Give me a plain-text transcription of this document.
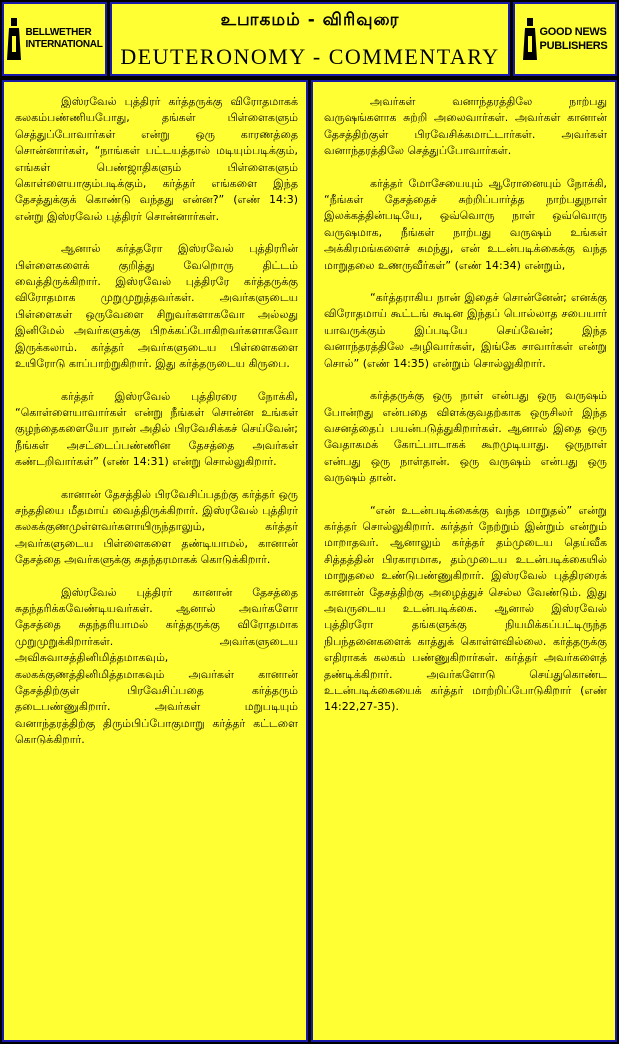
BELLWETHER
INTERNATIONAL
உபாகமம் - விரிவுரை
DEUTERONOMY - COMMENTARY
GOOD NEWS
PUBLISHERS

இஸ்ரவேல் புத்திரர் கர்த்தருக்கு விரோதமாகக் கலகம்பண்ணியபோது, தங்கள் பிள்ளைகளும் செத்துப்போவார்கள் என்று ஒரு காரணத்தை சொன்னார்கள், “நாங்கள் பட்டயத்தால் மடியும்படிக்கும், எங்கள் பெண்ஜாதிகளும் பிள்ளைகளும் கொள்ளையாகும்படிக்கும், கர்த்தர் எங்களை இந்த தேசத்துக்குக் கொண்டு வந்தது என்ன?” (எண் 14:3) என்று இஸ்ரவேல் புத்திரர் சொன்னார்கள்.

ஆனால் கர்த்தரோ இஸ்ரவேல் புத்திரரின் பிள்ளைகளைக் குறித்து வேறொரு திட்டம் வைத்திருக்கிறார். இஸ்ரவேல் புத்திரரே கர்த்தருக்கு விரோதமாக முறுமுறுத்தவர்கள். அவர்களுடைய பிள்ளைகள் ஒருவேளை சிறுவர்களாகவோ அல்லது இனிமேல் அவர்களுக்கு பிறக்கப்போகிறவர்களாகவோ இருக்கலாம். கர்த்தர் அவர்களுடைய பிள்ளைகளை உயிரோடு காப்பாற்றுகிறார். இது கர்த்தருடைய கிருபை.

கர்த்தர் இஸ்ரவேல் புத்திரரை நோக்கி, “கொள்ளையாவார்கள் என்று நீங்கள் சொன்ன உங்கள் குழந்தைகளையோ நான் அதில் பிரவேசிக்கச் செய்வேன்; நீங்கள் அசட்டைப்பண்ணின தேசத்தை அவர்கள் கண்டறிவார்கள்” (எண் 14:31) என்று சொல்லுகிறார்.

கானான் தேசத்தில் பிரவேசிப்பதற்கு கர்த்தர் ஒரு சந்ததியை மீதமாய் வைத்திருக்கிறார். இஸ்ரவேல் புத்திரர் கலகக்குணமுள்ளவர்களாயிருந்தாலும், கர்த்தர் அவர்களுடைய பிள்ளைகளை தண்டியாமல், கானான் தேசத்தை அவர்களுக்கு சுதந்தரமாகக் கொடுக்கிறார்.

இஸ்ரவேல் புத்திரர் கானான் தேசத்தை சுதந்தரிக்கவேண்டியவர்கள். ஆனால் அவர்களோ தேசத்தை சுதந்தரியாமல் கர்த்தருக்கு விரோதமாக முறுமுறுக்கிறார்கள். அவர்களுடைய அவிசுவாசத்தினிமித்தமாகவும், கலகக்குணத்தினிமித்தமாகவும் அவர்கள் கானான் தேசத்திற்குள் பிரவேசிப்பதை கர்த்தரும் தடைபண்ணுகிறார். அவர்கள் மறுபடியும் வனாந்தரத்திற்கு திரும்பிப்போகுமாறு கர்த்தர் கட்டளை கொடுக்கிறார்.

அவர்கள் வனாந்தரத்திலே நாற்பது வருஷங்களாக சுற்றி அலைவார்கள். அவர்கள் கானான் தேசத்திற்குள் பிரவேசிக்கமாட்டார்கள். அவர்கள் வனாந்தரத்திலே செத்துப்போவார்கள்.

கர்த்தர் மோசேயையும் ஆரோனையும் நோக்கி, “நீங்கள் தேசத்தைச் சுற்றிப்பார்த்த நாற்பதுநாள் இலக்கத்தின்படியே, ஒவ்வொரு நாள் ஒவ்வொரு வருஷமாக, நீங்கள் நாற்பது வருஷம் உங்கள் அக்கிரமங்களைச் சுமந்து, என் உடன்படிக்கைக்கு வந்த மாறுதலை உணருவீர்கள்” (எண் 14:34) என்றும்,

“கர்த்தராகிய நான் இதைச் சொன்னேன்; எனக்கு விரோதமாய் கூட்டங் கூடின இந்தப் பொல்லாத சபையார் யாவருக்கும் இப்படியே செய்வேன்; இந்த வனாந்தரத்திலே அழிவார்கள், இங்கே சாவார்கள் என்று சொல்” (எண் 14:35) என்றும் சொல்லுகிறார்.

கர்த்தருக்கு ஒரு நாள் என்பது ஒரு வருஷம் போன்றது என்பதை விளக்குவதற்காக ஒருசிலர் இந்த வசனத்தைப் பயன்படுத்துகிறார்கள். ஆனால் இதை ஒரு வேதாகமக் கோட்பாடாகக் கூறமுடியாது. ஒருநாள் என்பது ஒரு நாள்தான். ஒரு வருஷம் என்பது ஒரு வருஷம் தான்.

“என் உடன்படிக்கைக்கு வந்த மாறுதல்” என்று கர்த்தர் சொல்லுகிறார். கர்த்தர் நேற்றும் இன்றும் என்றும் மாறாதவர். ஆனாலும் கர்த்தர் தம்முடைய தெய்வீக சித்தத்தின் பிரகாரமாக, தம்முடைய உடன்படிக்கையில் மாறுதலை உண்டுபண்ணுகிறார். இஸ்ரவேல் புத்திரரைக் கானான் தேசத்திற்கு அழைத்துச் செல்ல வேண்டும். இது அவருடைய உடன்படிக்கை. ஆனால் இஸ்ரவேல் புத்திரரோ தங்களுக்கு நியமிக்கப்பட்டிருந்த நிபந்தனைகளைக் காத்துக் கொள்ளவில்லை. கர்த்தருக்கு எதிராகக் கலகம் பண்ணுகிறார்கள். கர்த்தர் அவர்களைத் தண்டிக்கிறார். அவர்களோடு செய்துகொண்ட உடன்படிக்கையைக் கர்த்தர் மாற்றிப்போடுகிறார் (எண் 14:22,27-35).
